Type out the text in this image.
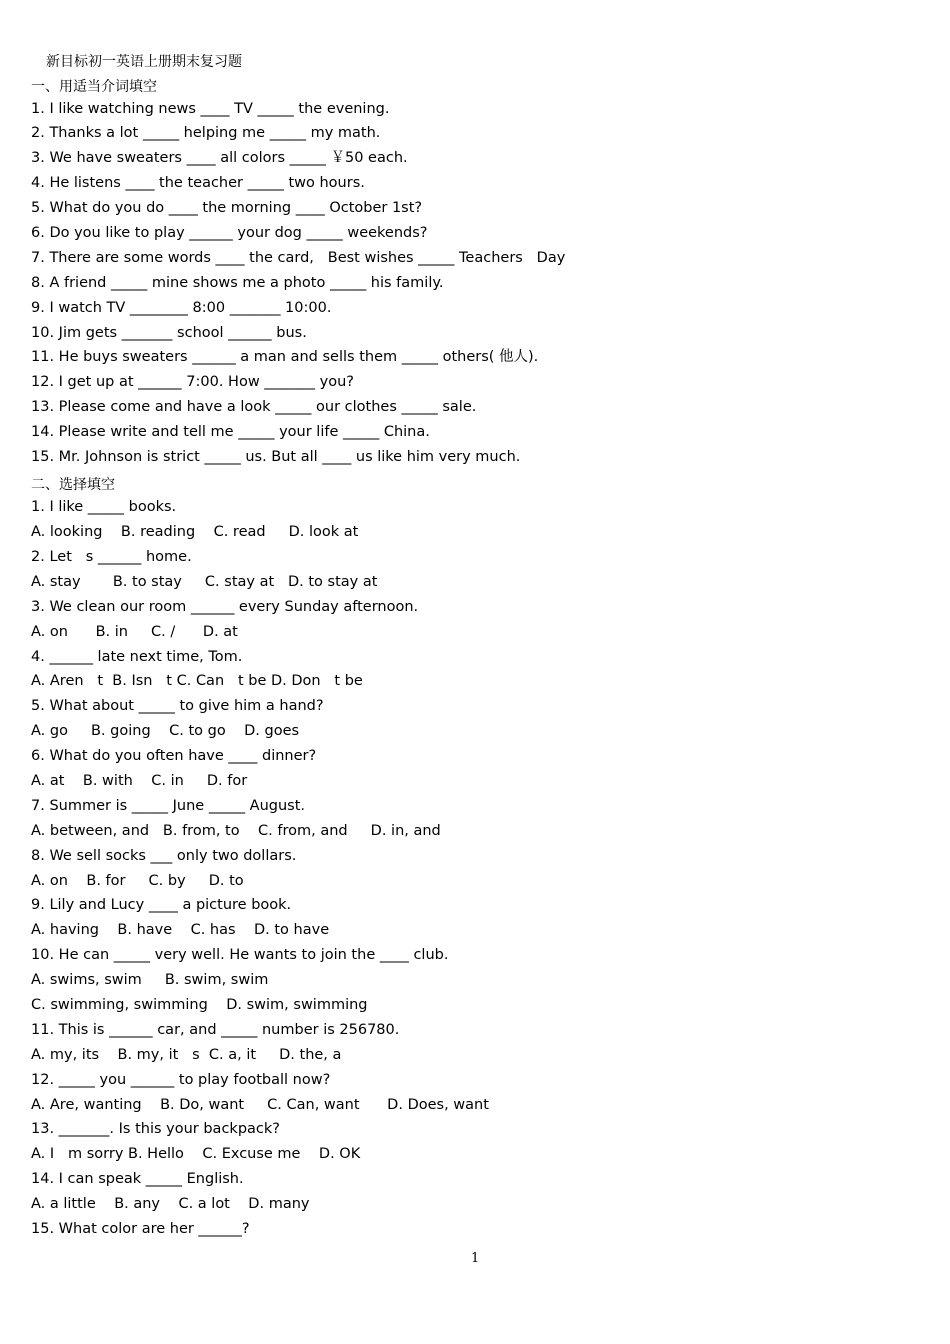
新目标初一英语上册期末复习题
一、用适当介词填空
1. I like watching news ____ TV _____ the evening.
2. Thanks a lot _____ helping me _____ my math.
3. We have sweaters ____ all colors _____ ￥50 each.
4. He listens ____ the teacher _____ two hours.
5. What do you do ____ the morning ____ October 1st?
6. Do you like to play ______ your dog _____ weekends?
7. There are some words ____ the card,   Best wishes _____ Teachers   Day
8. A friend _____ mine shows me a photo _____ his family.
9. I watch TV ________ 8:00 _______ 10:00.
10. Jim gets _______ school ______ bus.
11. He buys sweaters ______ a man and sells them _____ others( 他人).
12. I get up at ______ 7:00. How _______ you?
13. Please come and have a look _____ our clothes _____ sale.
14. Please write and tell me _____ your life _____ China.
15. Mr. Johnson is strict _____ us. But all ____ us like him very much.
二、选择填空
1. I like _____ books.
A. looking    B. reading    C. read     D. look at
2. Let   s ______ home.
A. stay       B. to stay     C. stay at   D. to stay at
3. We clean our room ______ every Sunday afternoon.
A. on      B. in     C. /      D. at
4. ______ late next time, Tom.
A. Aren   t  B. Isn   t C. Can   t be D. Don   t be
5. What about _____ to give him a hand?
A. go     B. going    C. to go    D. goes
6. What do you often have ____ dinner?
A. at    B. with    C. in     D. for
7. Summer is _____ June _____ August.
A. between, and   B. from, to    C. from, and     D. in, and
8. We sell socks ___ only two dollars.
A. on    B. for     C. by     D. to
9. Lily and Lucy ____ a picture book.
A. having    B. have    C. has    D. to have
10. He can _____ very well. He wants to join the ____ club.
A. swims, swim     B. swim, swim
C. swimming, swimming    D. swim, swimming
11. This is ______ car, and _____ number is 256780.
A. my, its    B. my, it   s  C. a, it     D. the, a
12. _____ you ______ to play football now?
A. Are, wanting    B. Do, want     C. Can, want      D. Does, want
13. _______. Is this your backpack?
A. I   m sorry B. Hello    C. Excuse me    D. OK
14. I can speak _____ English.
A. a little    B. any    C. a lot    D. many
15. What color are her ______?
1
